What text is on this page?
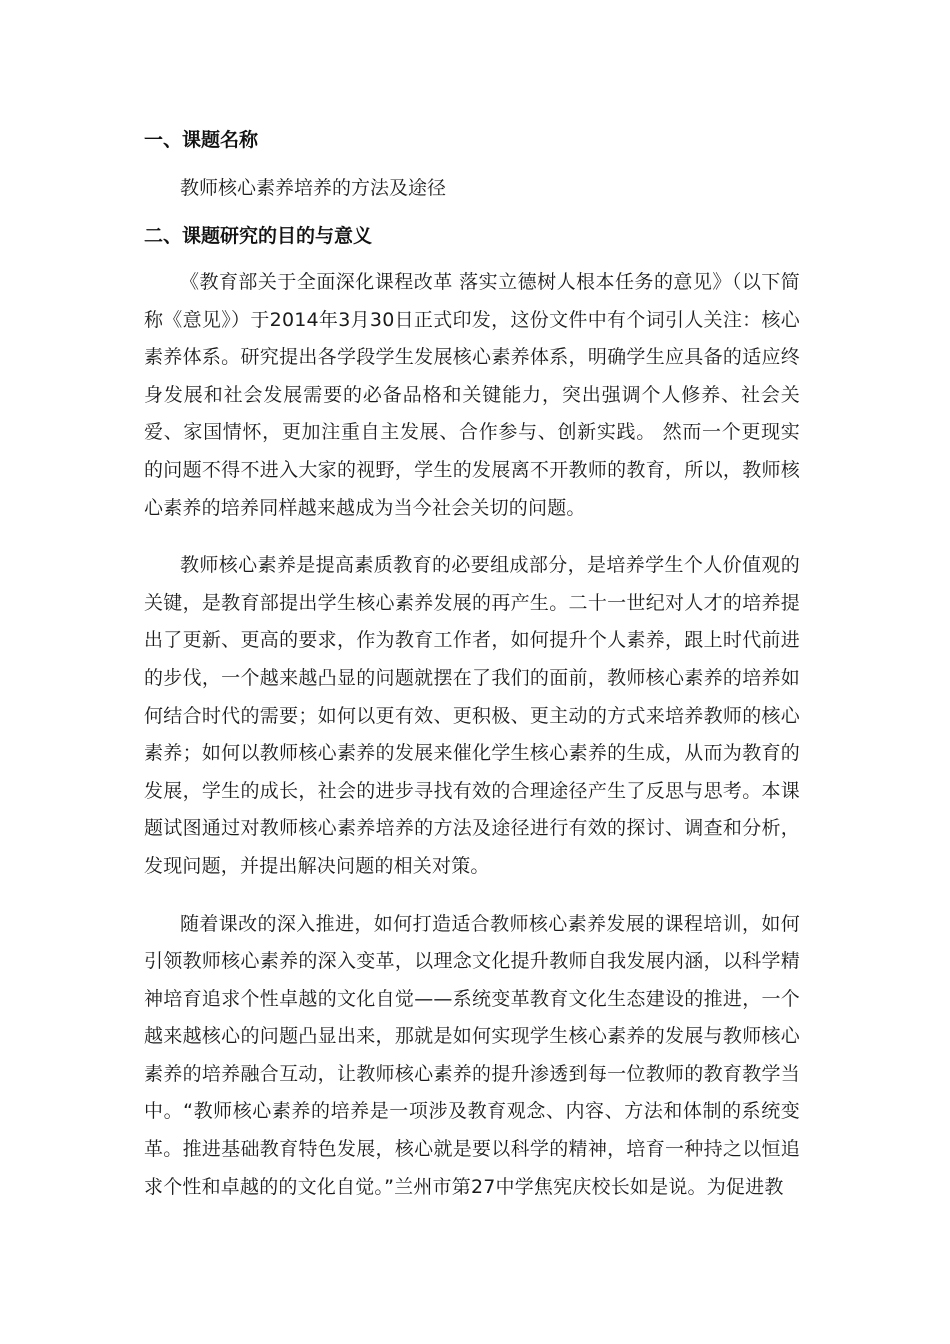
一、课题名称

教师核心素养培养的方法及途径

二、课题研究的目的与意义

《教育部关于全面深化课程改革 落实立德树人根本任务的意见》（以下简称《意见》）于2014年3月30日正式印发，这份文件中有个词引人关注：核心素养体系。研究提出各学段学生发展核心素养体系，明确学生应具备的适应终身发展和社会发展需要的必备品格和关键能力，突出强调个人修养、社会关爱、家国情怀，更加注重自主发展、合作参与、创新实践。 然而一个更现实的问题不得不进入大家的视野，学生的发展离不开教师的教育，所以，教师核心素养的培养同样越来越成为当今社会关切的问题。

教师核心素养是提高素质教育的必要组成部分，是培养学生个人价值观的关键，是教育部提出学生核心素养发展的再产生。二十一世纪对人才的培养提出了更新、更高的要求，作为教育工作者，如何提升个人素养，跟上时代前进的步伐，一个越来越凸显的问题就摆在了我们的面前，教师核心素养的培养如何结合时代的需要；如何以更有效、更积极、更主动的方式来培养教师的核心素养；如何以教师核心素养的发展来催化学生核心素养的生成，从而为教育的发展，学生的成长，社会的进步寻找有效的合理途径产生了反思与思考。本课题试图通过对教师核心素养培养的方法及途径进行有效的探讨、调查和分析，发现问题，并提出解决问题的相关对策。

随着课改的深入推进，如何打造适合教师核心素养发展的课程培训，如何引领教师核心素养的深入变革，以理念文化提升教师自我发展内涵，以科学精神培育追求个性卓越的文化自觉——系统变革教育文化生态建设的推进，一个越来越核心的问题凸显出来，那就是如何实现学生核心素养的发展与教师核心素养的培养融合互动，让教师核心素养的提升渗透到每一位教师的教育教学当中。“教师核心素养的培养是一项涉及教育观念、内容、方法和体制的系统变革。推进基础教育特色发展，核心就是要以科学的精神，培育一种持之以恒追求个性和卓越的的文化自觉。”兰州市第27中学焦宪庆校长如是说。为促进教
